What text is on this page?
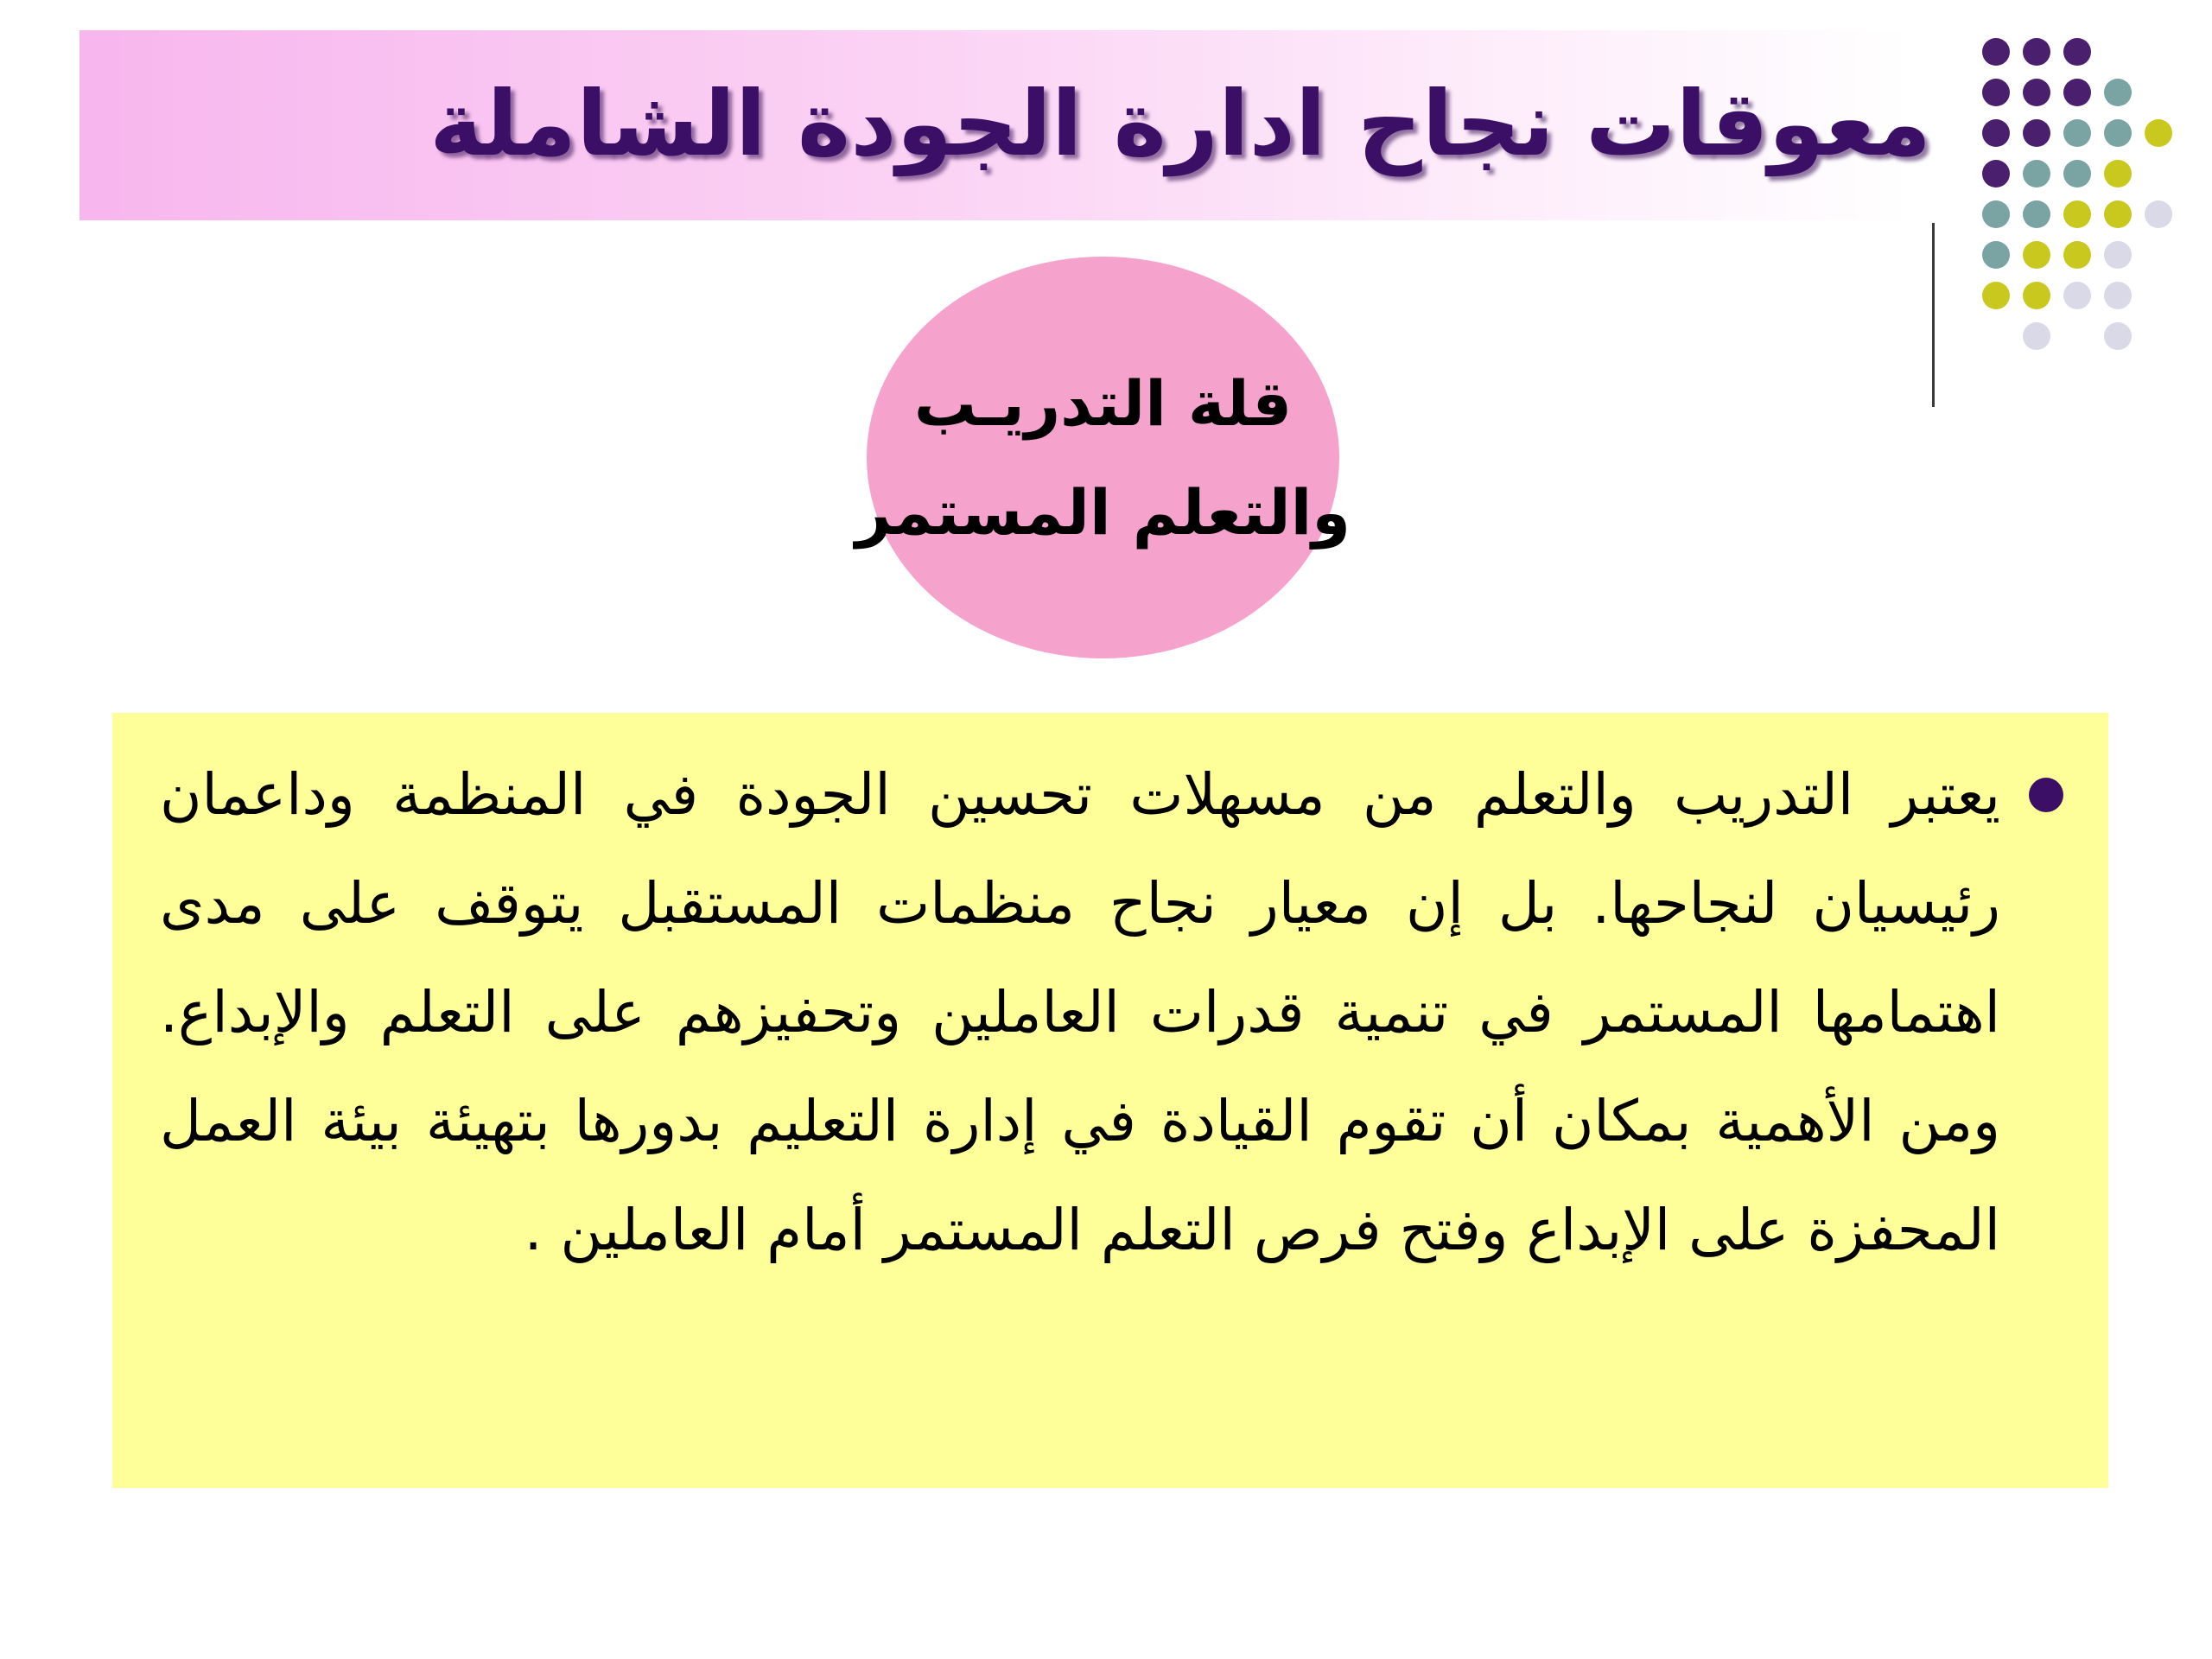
معوقات نجاح ادارة الجودة الشاملة
قلة التدريـب
والتعلم المستمر

يعتبر التدريب والتعلم من مسهلات تحسين الجودة في المنظمة وداعمان رئيسيان لنجاحها. بل إن معيار نجاح منظمات المستقبل يتوقف على مدى اهتمامها المستمر في تنمية قدرات العاملين وتحفيزهم على التعلم والإبداع. ومن الأهمية بمكان أن تقوم القيادة في إدارة التعليم بدورها بتهيئة بيئة العمل المحفزة على الإبداع وفتح فرص التعلم المستمر أمام العاملين .
